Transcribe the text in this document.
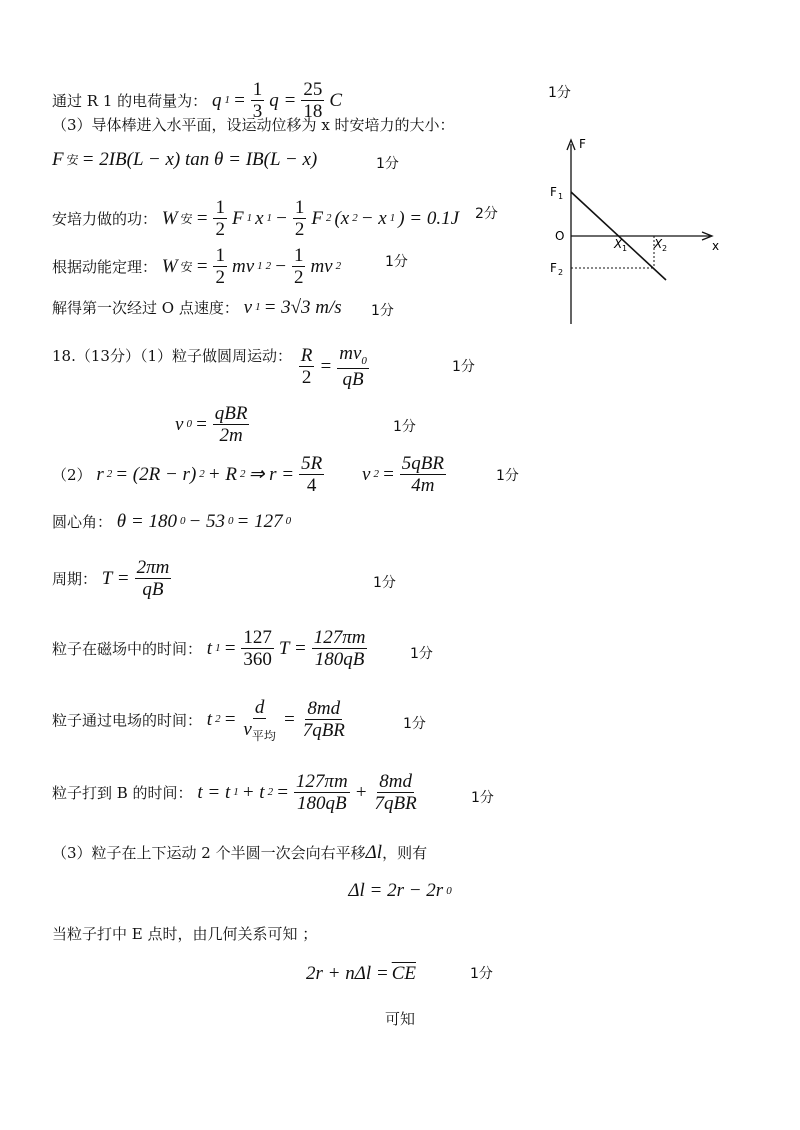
通过 R 1 的电荷量为： q $1 = \frac{1}{3}$ $q = \frac{25}{18}$ C	1分
（3）导体棒进入水平面，设运动位移为 x 时安培力的大小：
F 安 = 2IB(L − x) tan θ = IB(L − x)	1分
安培力做的功： W 安 = $\frac{1}{2}$ F 1 x $1 - \frac{1}{2}$ F 2 (x 2 − x 1 ) = 0.1J 2分
根据动能定理： W 安 = $\frac{1}{2}$ mv 1 $2 - \frac{1}{2}$ mv 2	1分
解得第一次经过 O 点速度： v 1 = 3√3 m/s 1分
F
x
O
F 1
F 2
X 1 X 2
18.（13分）（1）粒子做圆周运动： $\frac{R}{2} = \frac{mv_0}{qB}$	1分
v $0 = \frac{\text{qBR}}{2m}$	1分
（2） r 2 = (2R − r) 2 + R 2 ⇒ $r = \frac{5R}{4}$ v $2 = \frac{\text{5qBR}}{4m}$	1分
圆心角： θ = 180 0 − 53 0 = 127 0
周期： $T = \frac{2\pi m}{qB}$	1分
粒子在磁场中的时间： t $1 = \frac{127}{360}$ $T = \frac{127\pi m}{180qB}$	1分
粒子通过电场的时间： t $2 = \frac{d}{v_{平均}} = \frac{8md}{\text{7qBR}}$	1分
粒子打到 B 的时间： t = t 1 + t $2 = \frac{127\pi m}{180qB} + \frac{8md}{\text{7qBR}}$	1分
（3）粒子在上下运动 2 个半圆一次会向右平移Δl，则有
Δl = 2r − 2r 0
当粒子打中 E 点时，由几何关系可知 ；
$2r + n\Delta l = \overline{CE}$	1分
可知
